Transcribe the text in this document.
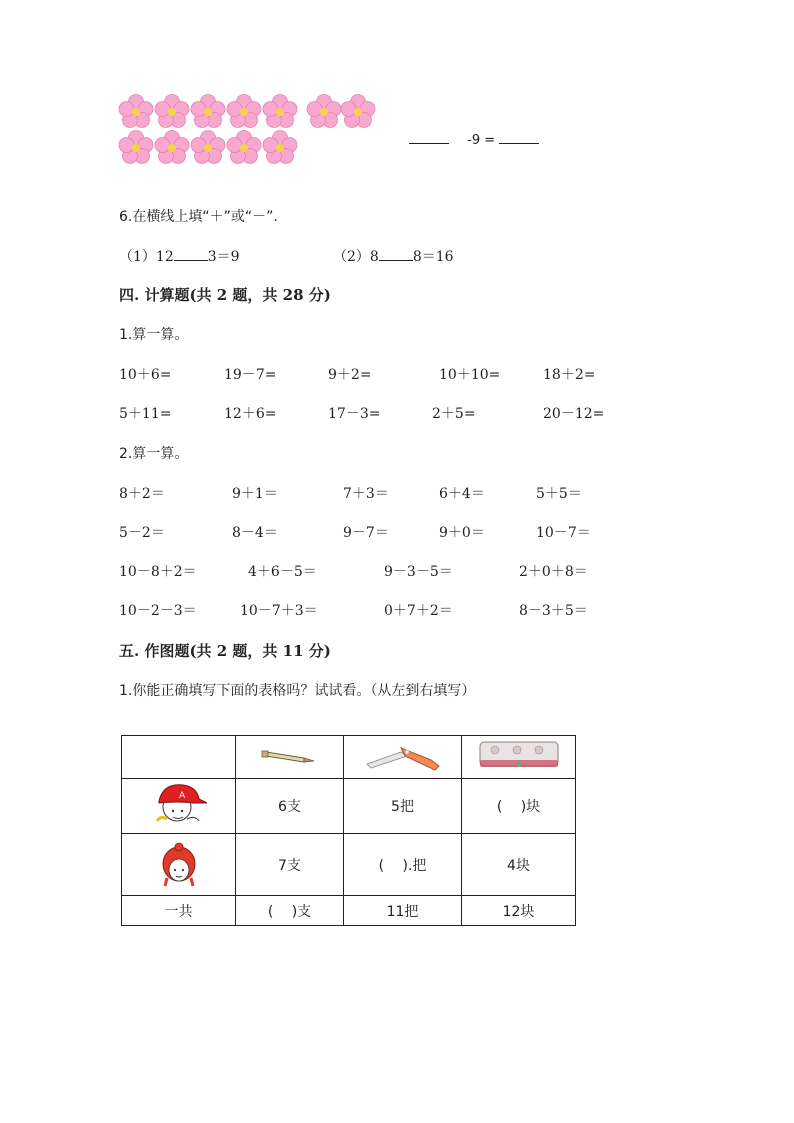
-9 =
6.在横线上填“＋”或“－”.
（1）12 3＝9	（2）8 8＝16
四. 计算题(共 2 题，共 28 分)
1.算一算。
10＋6=	19－7=	9＋2=	10＋10=	18＋2=
5＋11=	12＋6=	17－3=	2＋5=	20－12=
2.算一算。
8＋2＝	9＋1＝	7＋3＝	6＋4＝	5＋5＝
5－2＝	8－4＝	9－7＝	9＋0＝	10－7＝
10－8＋2＝	4＋6－5＝	9－3－5＝	2＋0＋8＝
10－2－3＝	10－7＋3＝	0＋7＋2＝	8－3＋5＝
五. 作图题(共 2 题，共 11 分)
1.你能正确填写下面的表格吗？试试看。（从左到右填写）

A	6支	5把	(　 )块
	7支	(　 ).把	4块
一共	(　 )支	11把	12块
